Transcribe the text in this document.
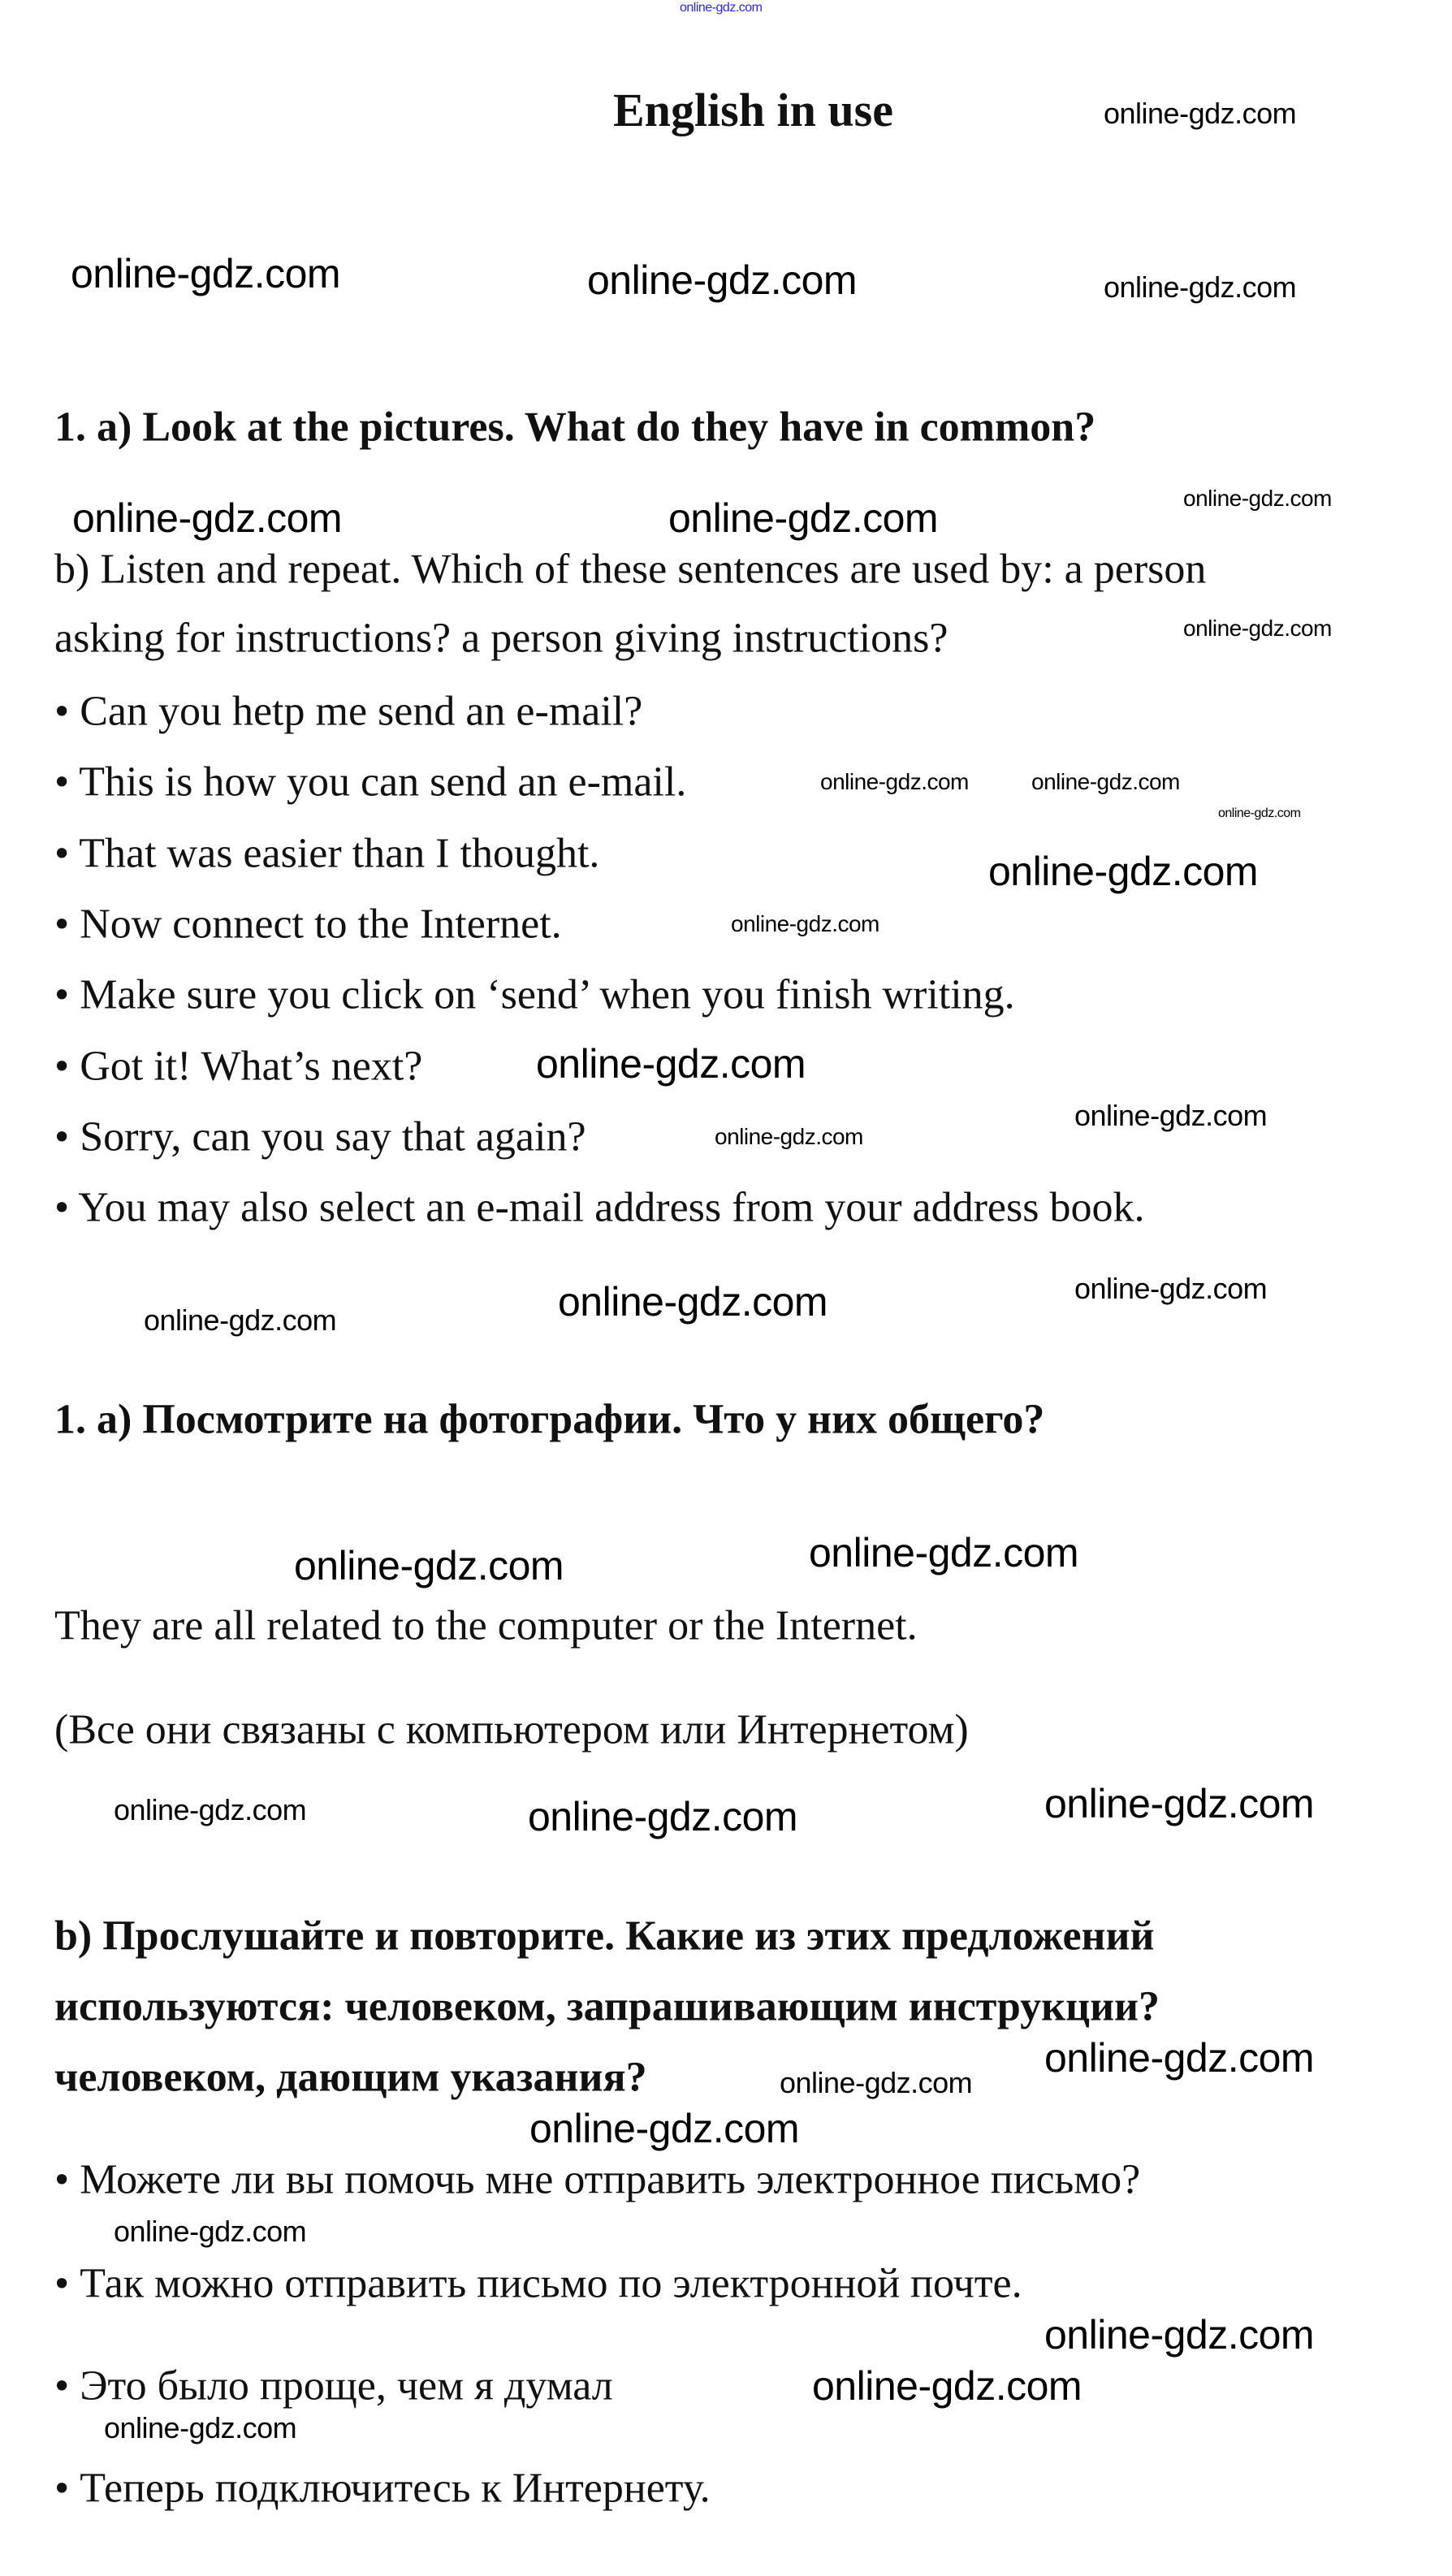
online-gdz.com
English in use
1. a) Look at the pictures. What do they have in common?
b) Listen and repeat. Which of these sentences are used by: a person
asking for instructions? a person giving instructions?
• Can you hetp me send an e-mail?
• This is how you can send an e-mail.
• That was easier than I thought.
• Now connect to the Internet.
• Make sure you click on ‘send’ when you finish writing.
• Got it! What’s next?
• Sorry, can you say that again?
• You may also select an e-mail address from your address book.
1. а) Посмотрите на фотографии. Что у них общего?
They are all related to the computer or the Internet.
(Все они связаны с компьютером или Интернетом)
b) Прослушайте и повторите. Какие из этих предложений
используются: человеком, запрашивающим инструкции?
человеком, дающим указания?
• Можете ли вы помочь мне отправить электронное письмо?
• Так можно отправить письмо по электронной почте.
• Это было проще, чем я думал
• Теперь подключитесь к Интернету.
online-gdz.com
online-gdz.com	online-gdz.com	online-gdz.com
online-gdz.com
online-gdz.com	online-gdz.com
online-gdz.com
online-gdz.com	online-gdz.com
online-gdz.com
online-gdz.com
online-gdz.com
online-gdz.com
online-gdz.com
online-gdz.com
online-gdz.com	online-gdz.com	online-gdz.com
online-gdz.com	online-gdz.com
online-gdz.com	online-gdz.com	online-gdz.com
online-gdz.com
online-gdz.com
online-gdz.com
online-gdz.com
online-gdz.com
online-gdz.com
online-gdz.com
